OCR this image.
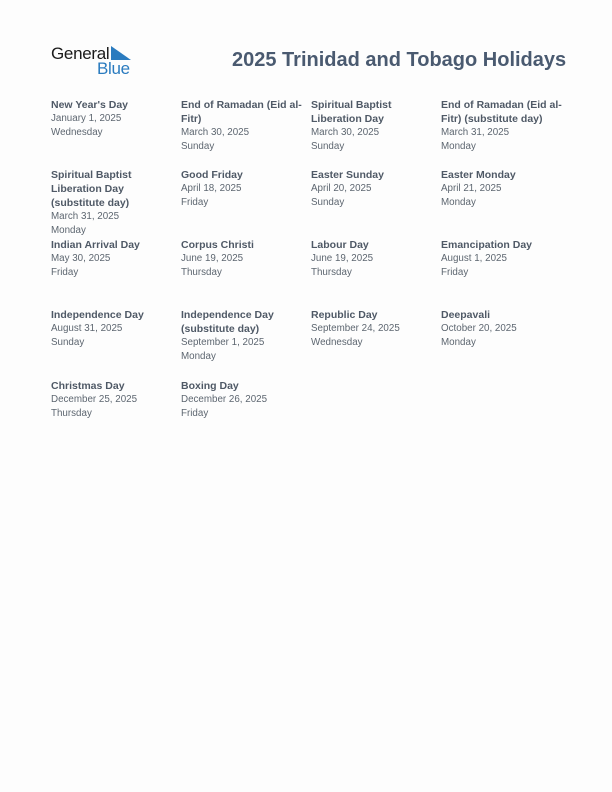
General
Blue	2025 Trinidad and Tobago Holidays
New Year's Day
January 1, 2025
Wednesday
End of Ramadan (Eid al-Fitr)
March 30, 2025
Sunday
Spiritual Baptist Liberation Day
March 30, 2025
Sunday
End of Ramadan (Eid al-Fitr) (substitute day)
March 31, 2025
Monday
Spiritual Baptist Liberation Day (substitute day)
March 31, 2025
Monday
Good Friday
April 18, 2025
Friday
Easter Sunday
April 20, 2025
Sunday
Easter Monday
April 21, 2025
Monday
Indian Arrival Day
May 30, 2025
Friday
Corpus Christi
June 19, 2025
Thursday
Labour Day
June 19, 2025
Thursday
Emancipation Day
August 1, 2025
Friday
Independence Day
August 31, 2025
Sunday
Independence Day (substitute day)
September 1, 2025
Monday
Republic Day
September 24, 2025
Wednesday
Deepavali
October 20, 2025
Monday
Christmas Day
December 25, 2025
Thursday
Boxing Day
December 26, 2025
Friday
